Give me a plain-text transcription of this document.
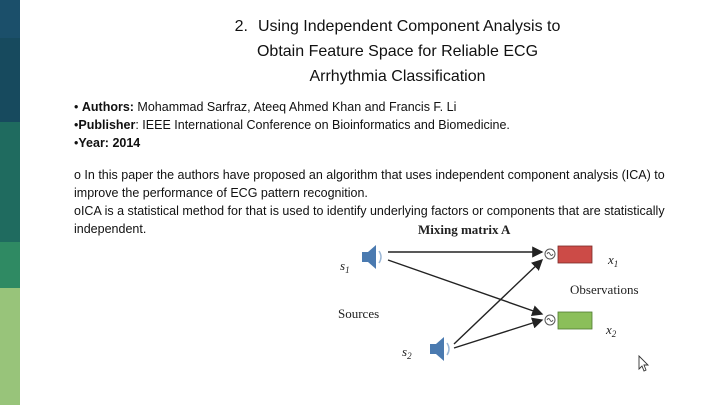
2. Using Independent Component Analysis to
Obtain Feature Space for Reliable ECG
Arrhythmia Classification
• Authors: Mohammad Sarfraz, Ateeq Ahmed Khan and Francis F. Li
•Publisher: IEEE International Conference on Bioinformatics and Biomedicine.
•Year: 2014
o In this paper the authors have proposed an algorithm that uses independent component analysis (ICA) to improve the performance of ECG pattern recognition.
oICA is a statistical method for that is used to identify underlying factors or components that are statistically independent.	Mixing matrix A
$s_1$
$s_2$
Sources
$x_1$
$x_2$
Observations
